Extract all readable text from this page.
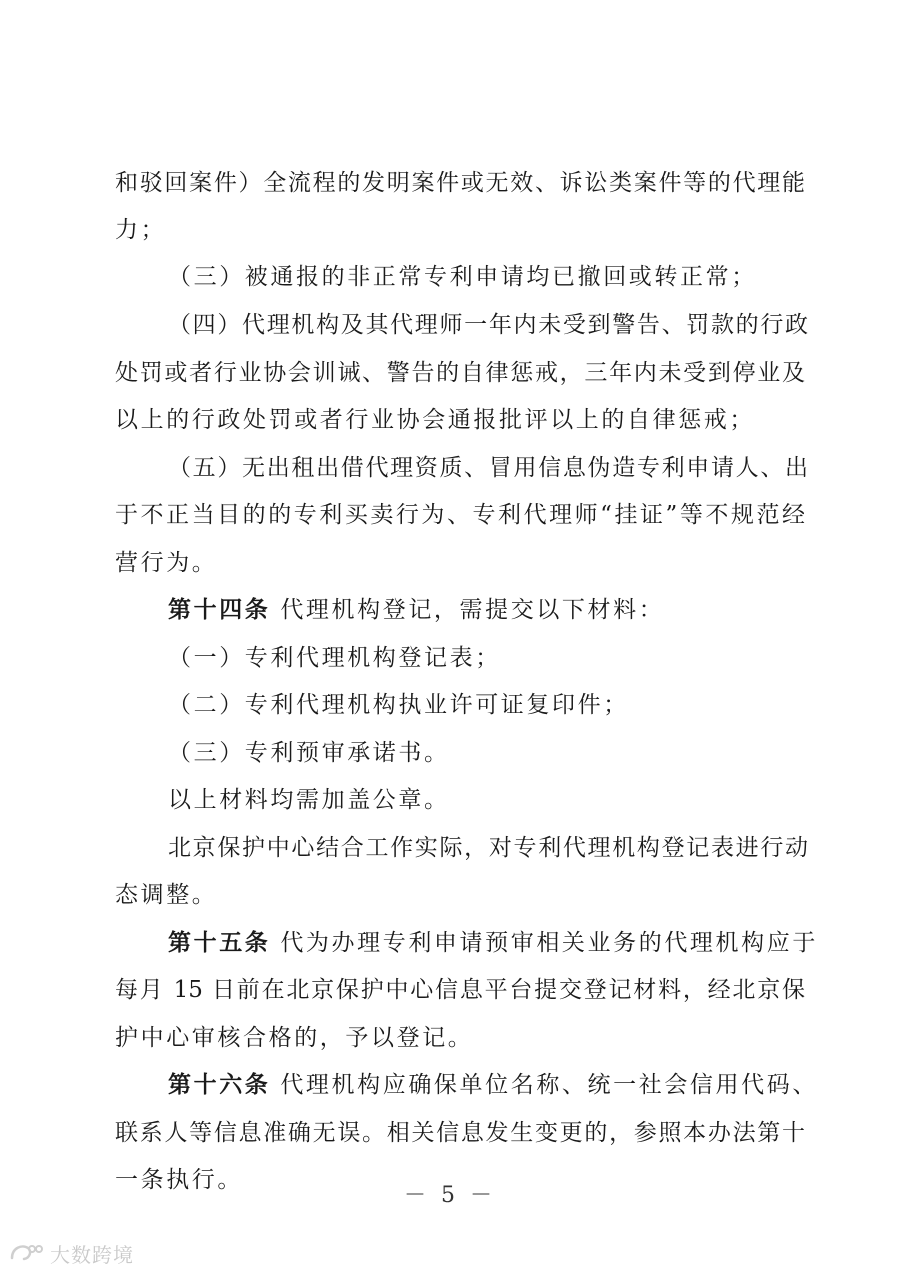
和驳回案件）全流程的发明案件或无效、诉讼类案件等的代理能
力；
（三）被通报的非正常专利申请均已撤回或转正常；
（四）代理机构及其代理师一年内未受到警告、罚款的行政
处罚或者行业协会训诫、警告的自律惩戒，三年内未受到停业及
以上的行政处罚或者行业协会通报批评以上的自律惩戒；
（五）无出租出借代理资质、冒用信息伪造专利申请人、出
于不正当目的的专利买卖行为、专利代理师“挂证”等不规范经
营行为。
第十四条 代理机构登记，需提交以下材料：
（一）专利代理机构登记表；
（二）专利代理机构执业许可证复印件；
（三）专利预审承诺书。
以上材料均需加盖公章。
北京保护中心结合工作实际，对专利代理机构登记表进行动
态调整。
第十五条 代为办理专利申请预审相关业务的代理机构应于
每月 15 日前在北京保护中心信息平台提交登记材料，经北京保
护中心审核合格的，予以登记。
第十六条 代理机构应确保单位名称、统一社会信用代码、
联系人等信息准确无误。相关信息发生变更的，参照本办法第十
一条执行。
－ 5 －
大数跨境
